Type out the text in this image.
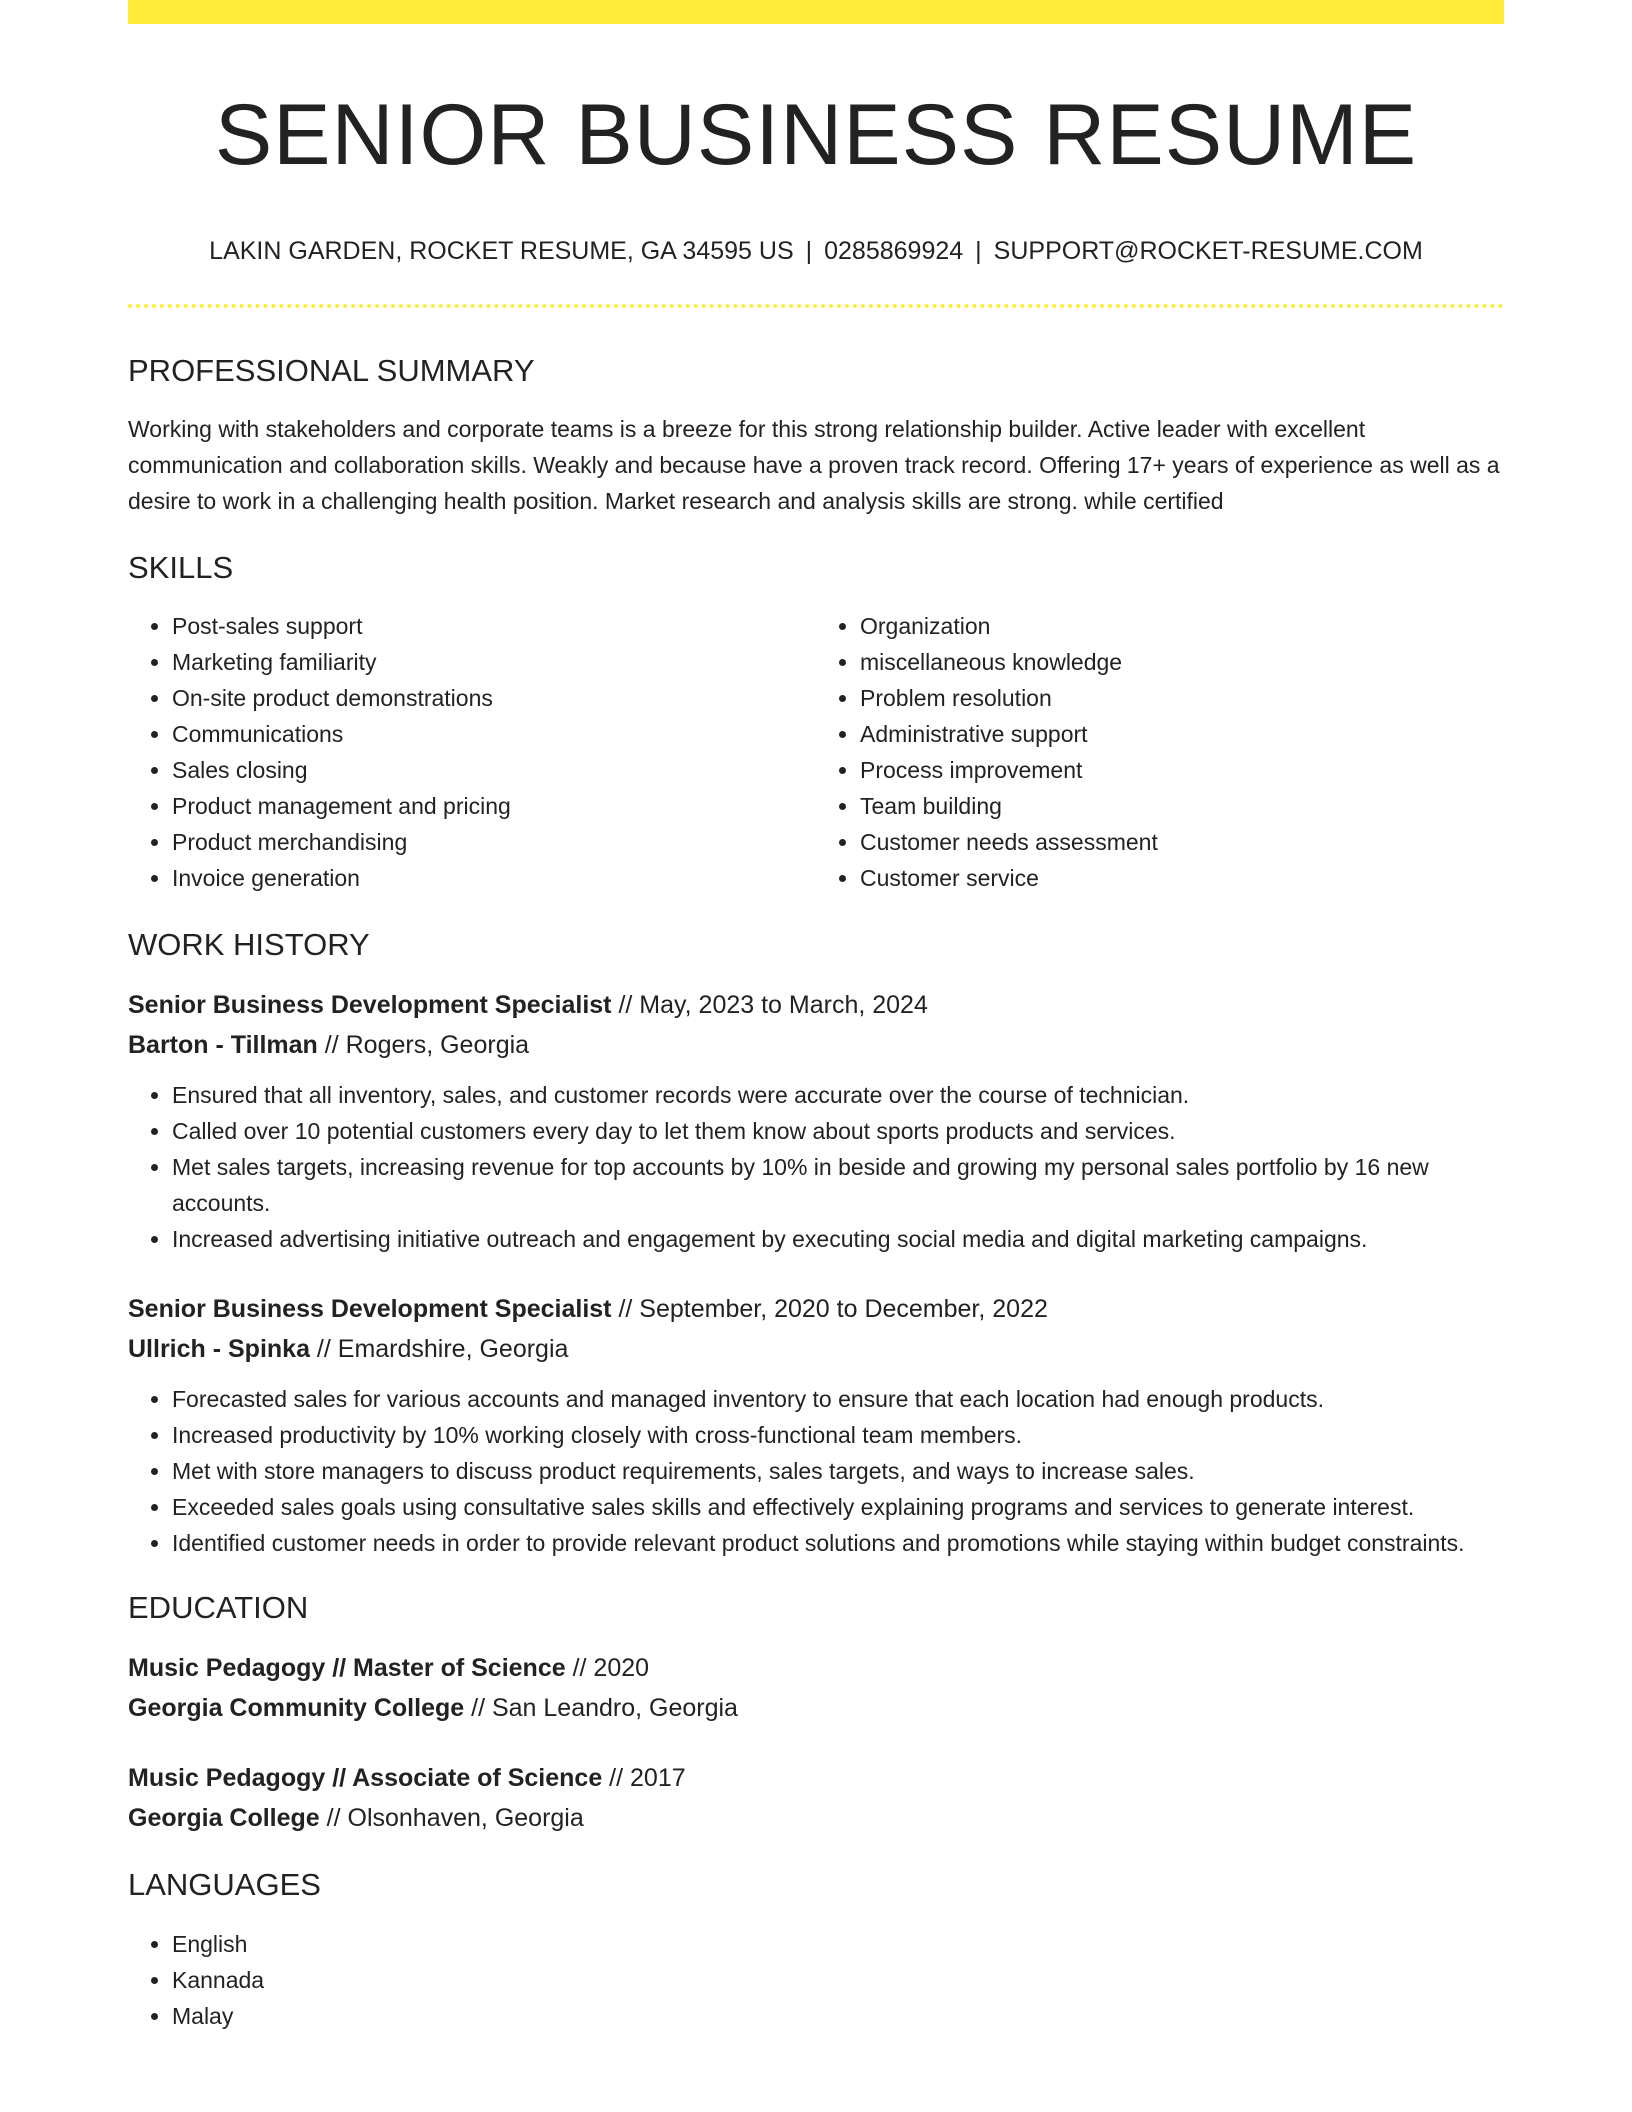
SENIOR BUSINESS RESUME
LAKIN GARDEN, ROCKET RESUME, GA 34595 US | 0285869924 | SUPPORT@ROCKET-RESUME.COM
PROFESSIONAL SUMMARY

Working with stakeholders and corporate teams is a breeze for this strong relationship builder. Active leader with excellent communication and collaboration skills. Weakly and because have a proven track record. Offering 17+ years of experience as well as a desire to work in a challenging health position. Market research and analysis skills are strong. while certified

SKILLS
• Post-sales support
• Marketing familiarity
• On-site product demonstrations
• Communications
• Sales closing
• Product management and pricing
• Product merchandising
• Invoice generation
• Organization
• miscellaneous knowledge
• Problem resolution
• Administrative support
• Process improvement
• Team building
• Customer needs assessment
• Customer service
WORK HISTORY
Senior Business Development Specialist // May, 2023 to March, 2024
Barton - Tillman // Rogers, Georgia
• Ensured that all inventory, sales, and customer records were accurate over the course of technician.
• Called over 10 potential customers every day to let them know about sports products and services.
• Met sales targets, increasing revenue for top accounts by 10% in beside and growing my personal sales portfolio by 16 new accounts.
• Increased advertising initiative outreach and engagement by executing social media and digital marketing campaigns.
Senior Business Development Specialist // September, 2020 to December, 2022
Ullrich - Spinka // Emardshire, Georgia
• Forecasted sales for various accounts and managed inventory to ensure that each location had enough products.
• Increased productivity by 10% working closely with cross-functional team members.
• Met with store managers to discuss product requirements, sales targets, and ways to increase sales.
• Exceeded sales goals using consultative sales skills and effectively explaining programs and services to generate interest.
• Identified customer needs in order to provide relevant product solutions and promotions while staying within budget constraints.
EDUCATION
Music Pedagogy // Master of Science // 2020
Georgia Community College // San Leandro, Georgia
Music Pedagogy // Associate of Science // 2017
Georgia College // Olsonhaven, Georgia
LANGUAGES
• English
• Kannada
• Malay
